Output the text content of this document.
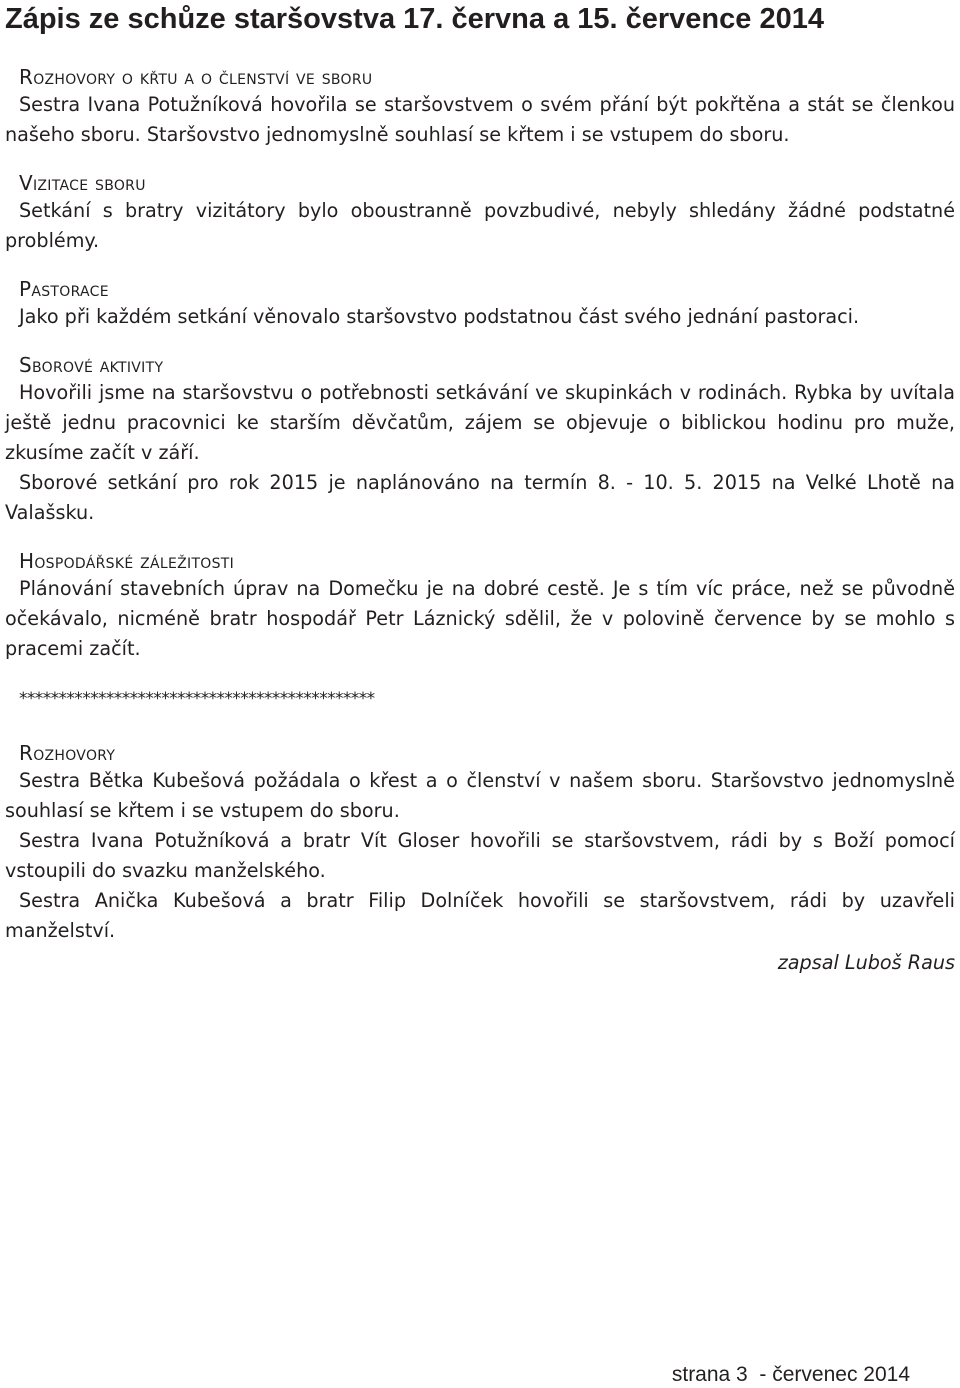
Zápis ze schůze staršovstva 17. června a 15. července 2014
Rozhovory o křtu a o členství ve sboru

Sestra Ivana Potužníková hovořila se staršovstvem o svém přání být pokřtěna a stát se členkou našeho sboru. Staršovstvo jednomyslně souhlasí se křtem i se vstupem do sboru.

Vizitace sboru

Setkání s bratry vizitátory bylo oboustranně povzbudivé, nebyly shledány žádné podstatné problémy.

Pastorace

Jako při každém setkání věnovalo staršovstvo podstatnou část svého jednání pastoraci.

Sborové aktivity

Hovořili jsme na staršovstvu o potřebnosti setkávání ve skupinkách v rodinách. Rybka by uvítala ještě jednu pracovnici ke starším děvčatům, zájem se objevuje o biblickou hodinu pro muže, zkusíme začít v září.

Sborové setkání pro rok 2015 je naplánováno na termín 8. - 10. 5. 2015 na Velké Lhotě na Valašsku.

Hospodářské záležitosti

Plánování stavebních úprav na Domečku je na dobré cestě. Je s tím víc práce, než se původně očekávalo, nicméně bratr hospodář Petr Láznický sdělil, že v polovině července by se mohlo s pracemi začít.

*********************************************
Rozhovory

Sestra Bětka Kubešová požádala o křest a o členství v našem sboru. Staršovstvo jednomyslně souhlasí se křtem i se vstupem do sboru.

Sestra Ivana Potužníková a bratr Vít Gloser hovořili se staršovstvem, rádi by s Boží pomocí vstoupili do svazku manželského.

Sestra Anička Kubešová a bratr Filip Dolníček hovořili se staršovstvem, rádi by uzavřeli manželství.

zapsal Luboš Raus
strana 3  - červenec 2014
